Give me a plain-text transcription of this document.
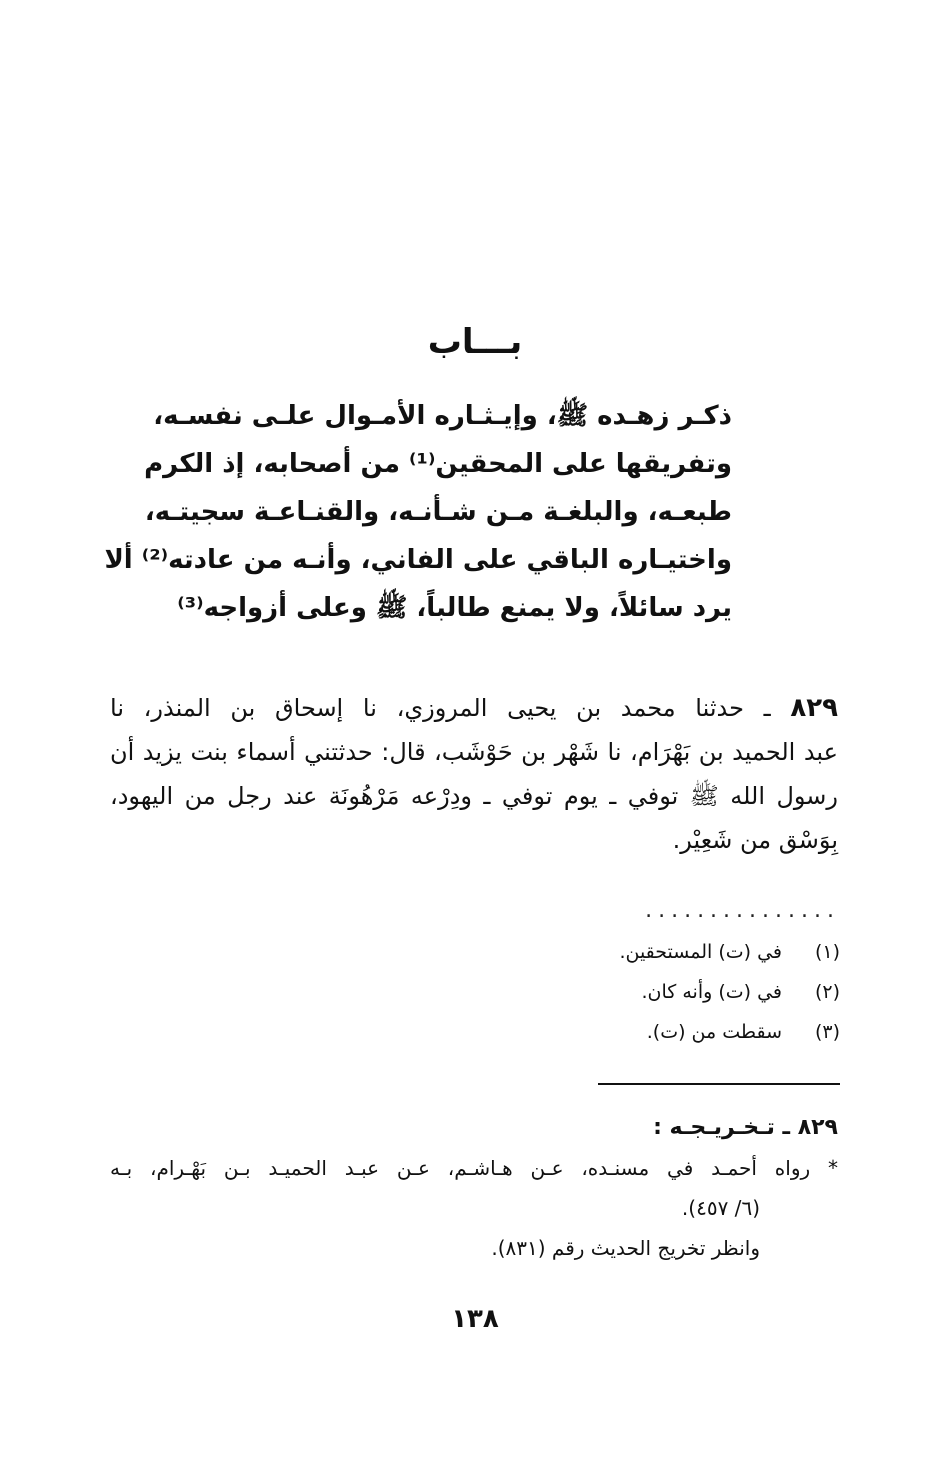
بـــاب
ذكـر زهـده ﷺ، وإيـثـاره الأمـوال علـى نفسـه،
وتفريقها على المحقين⁽¹⁾ من أصحابه، إذ الكرم
طبعـه، والبلغـة مـن شـأنـه، والقنـاعـة سجيتـه،
واختيـاره الباقي على الفاني، وأنـه من عادته⁽²⁾ ألا
يرد سائلاً، ولا يمنع طالباً، ﷺ وعلى أزواجه⁽³⁾
٨٢٩ ـ حدثنا محمد بن يحيى المروزي، نا إسحاق بن المنذر، نا
عبد الحميد بن بَهْرَام، نا شَهْر بن حَوْشَب، قال: حدثتني أسماء بنت يزيد أن
رسول الله ﷺ توفي ـ يوم توفي ـ ودِرْعه مَرْهُونَة عند رجل من اليهود،
بِوَسْق من شَعِيْر.
...............
(١)
في (ت) المستحقين.
(٢)
في (ت) وأنه كان.
(٣)
سقطت من (ت).
٨٢٩ ـ تـخـريـجـه :
* رواه أحمـد في مسنـده، عـن هـاشـم، عـن عبـد الحميـد بـن بَهْـرام، بـه
(٦/ ٤٥٧).
وانظر تخريج الحديث رقم (٨٣١).
١٣٨
